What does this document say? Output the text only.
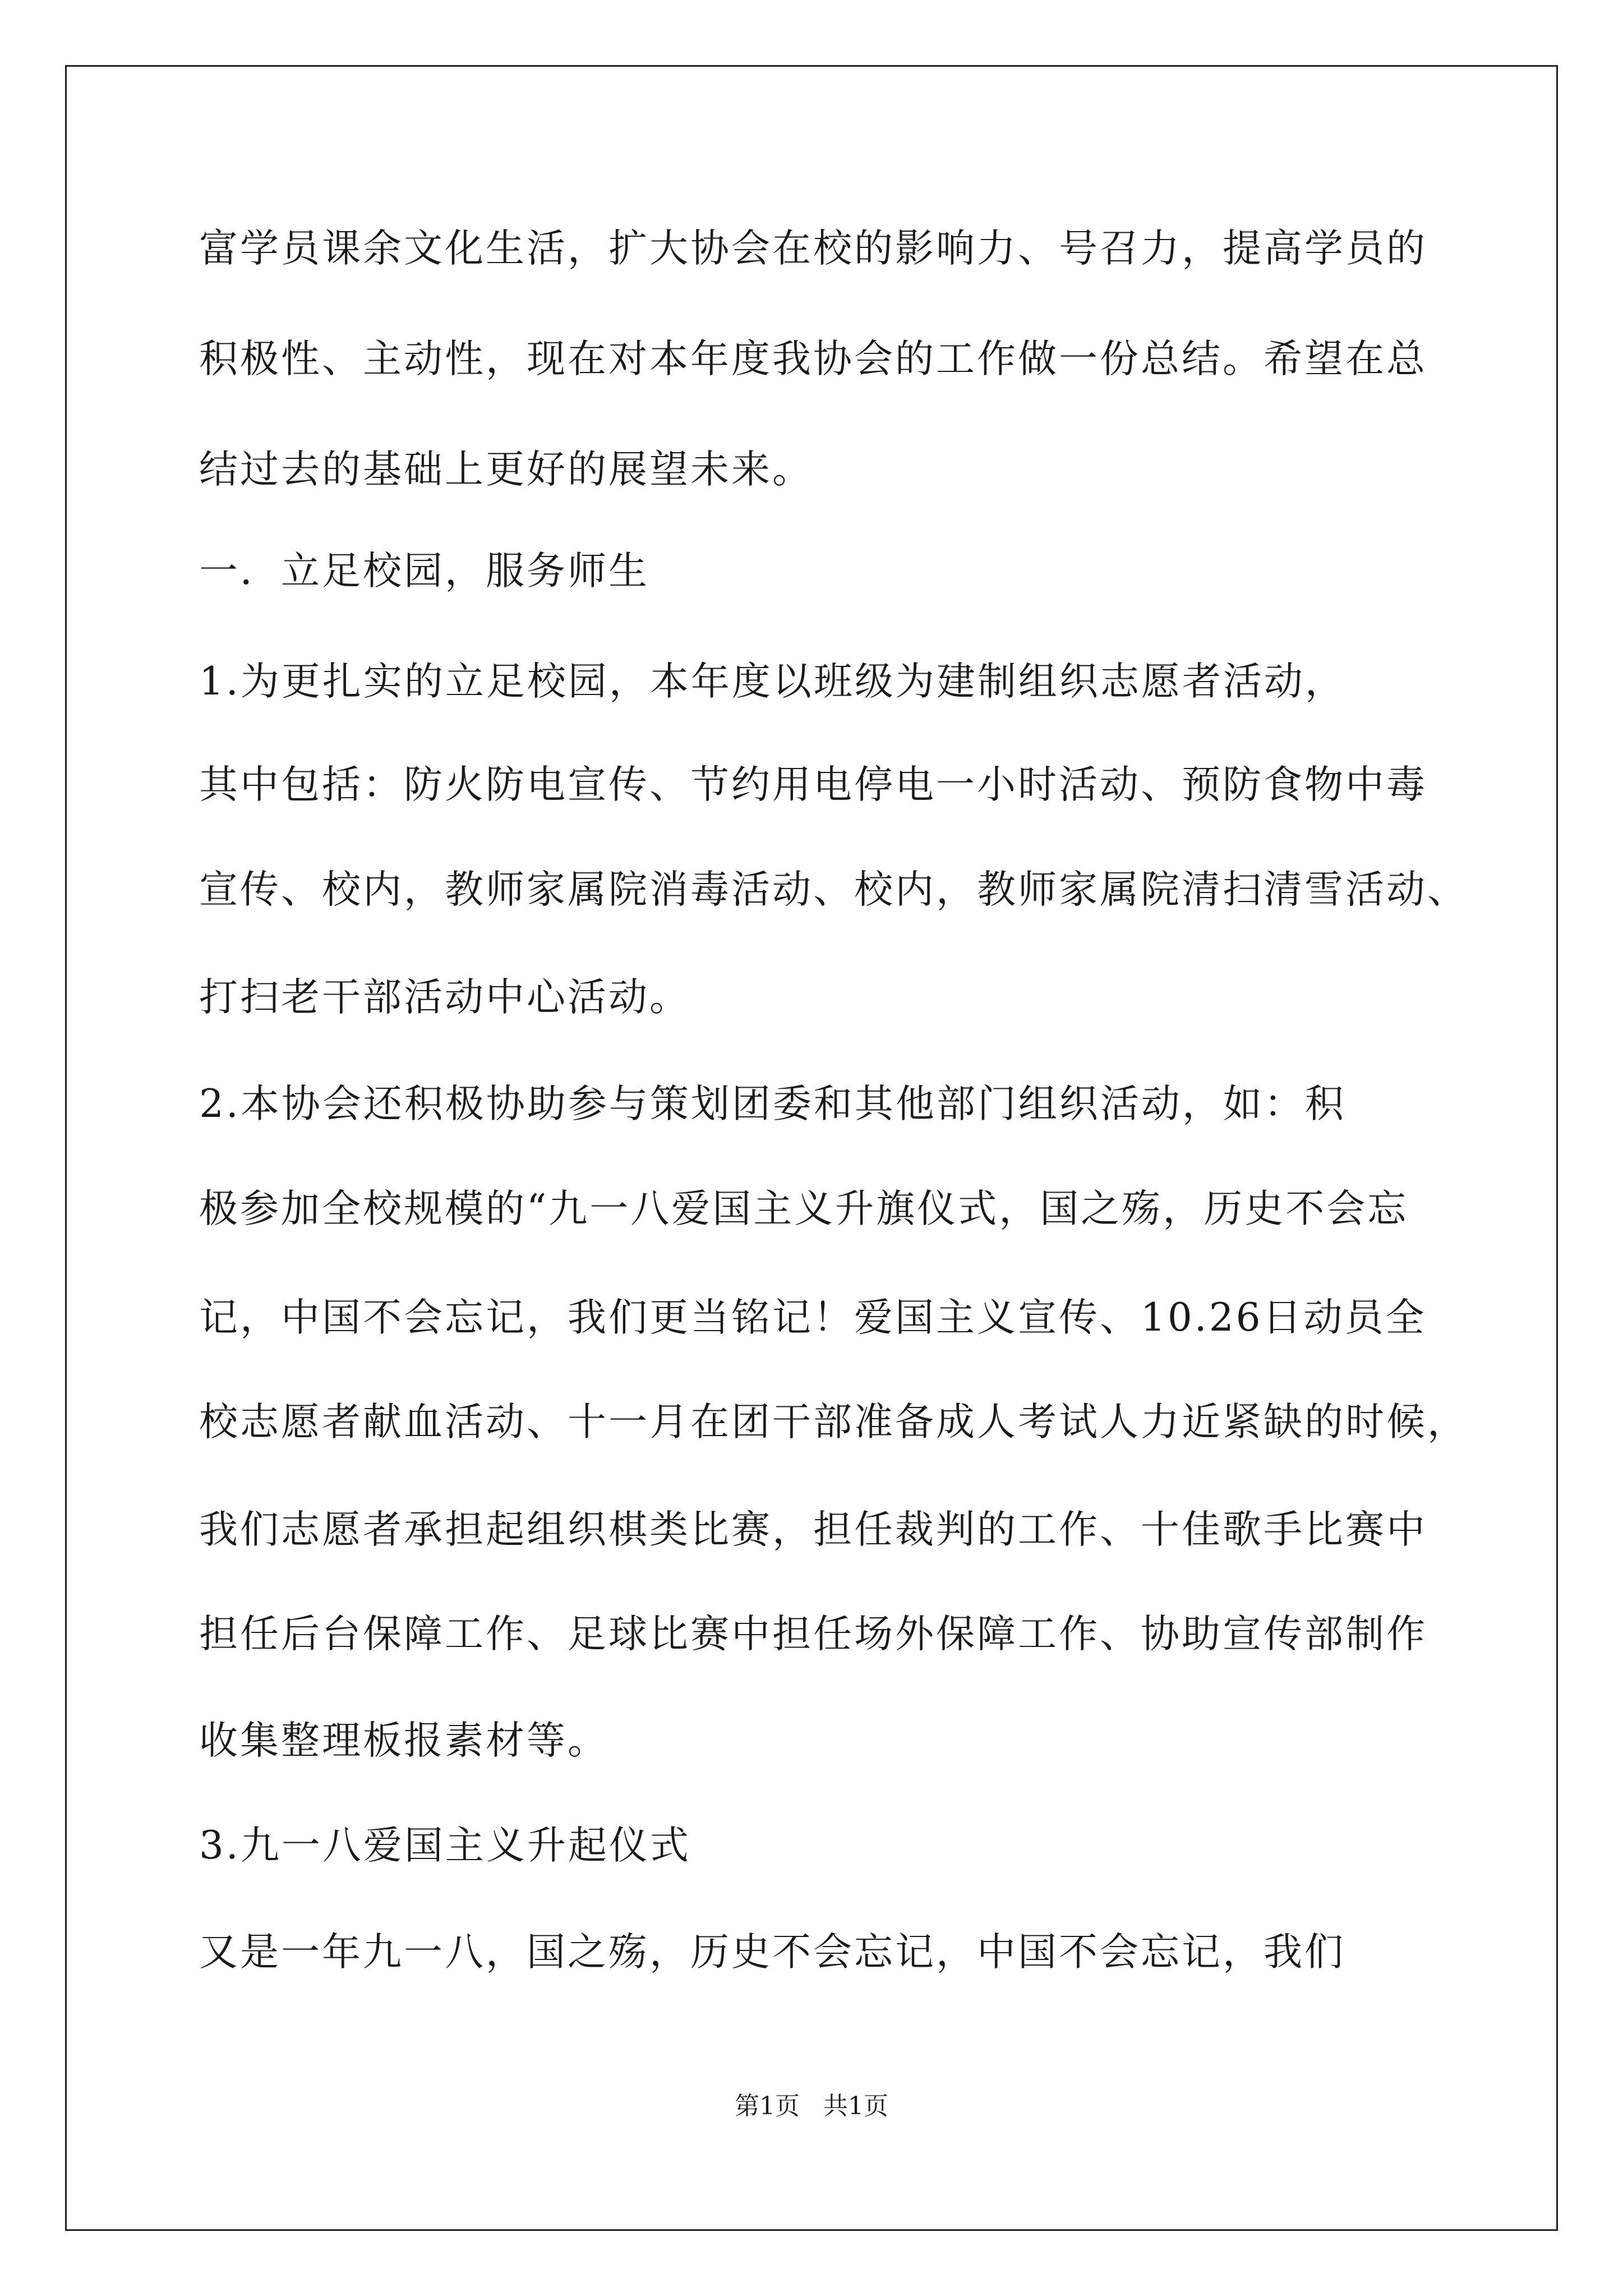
富学员课余文化生活，扩大协会在校的影响力、号召力，提高学员的

积极性、主动性，现在对本年度我协会的工作做一份总结。希望在总

结过去的基础上更好的展望未来。

一．立足校园，服务师生

1.为更扎实的立足校园，本年度以班级为建制组织志愿者活动，

其中包括：防火防电宣传、节约用电停电一小时活动、预防食物中毒

宣传、校内，教师家属院消毒活动、校内，教师家属院清扫清雪活动、

打扫老干部活动中心活动。

2.本协会还积极协助参与策划团委和其他部门组织活动，如：积

极参加全校规模的“九一八爱国主义升旗仪式，国之殇，历史不会忘

记，中国不会忘记，我们更当铭记！爱国主义宣传、10.26日动员全

校志愿者献血活动、十一月在团干部准备成人考试人力近紧缺的时候，

我们志愿者承担起组织棋类比赛，担任裁判的工作、十佳歌手比赛中

担任后台保障工作、足球比赛中担任场外保障工作、协助宣传部制作

收集整理板报素材等。

3.九一八爱国主义升起仪式

又是一年九一八，国之殇，历史不会忘记，中国不会忘记，我们

第1页   共1页
